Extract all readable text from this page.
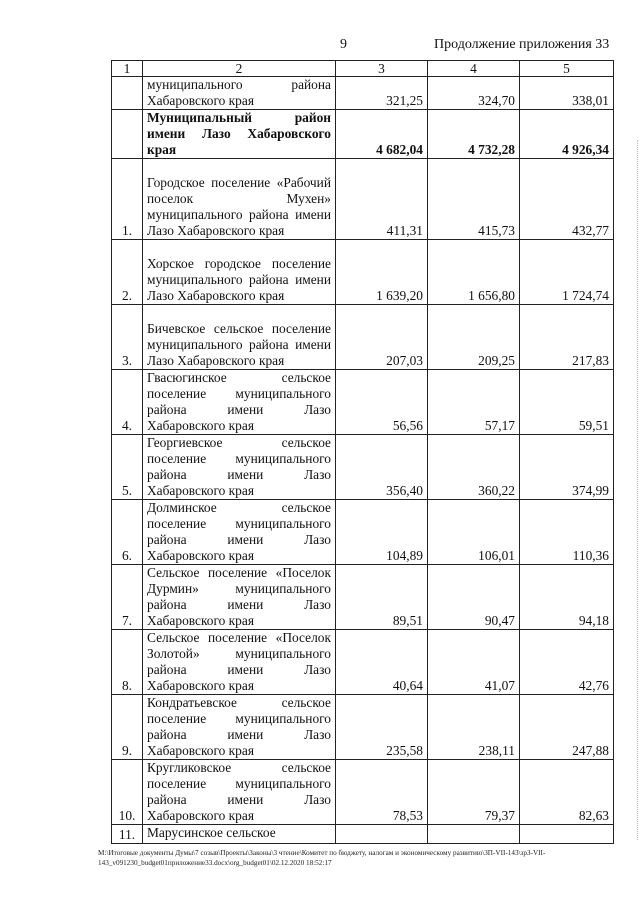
9	Продолжение приложения 33
1	2	3	4	5
	муниципального района Хабаровского края	321,25	324,70	338,01
	Муниципальный район имени Лазо Хабаровского края	4 682,04	4 732,28	4 926,34
1.	Городское поселение «Рабочий поселок Мухен» муниципального района имени Лазо Хабаровского края	411,31	415,73	432,77
2.	Хорское городское поселение муниципального района имени Лазо Хабаровского края	1 639,20	1 656,80	1 724,74
3.	Бичевское сельское поселение муниципального района имени Лазо Хабаровского края	207,03	209,25	217,83
4.	Гвасюгинское сельское поселение муниципального района имени Лазо Хабаровского края	56,56	57,17	59,51
5.	Георгиевское сельское поселение муниципального района имени Лазо Хабаровского края	356,40	360,22	374,99
6.	Долминское сельское поселение муниципального района имени Лазо Хабаровского края	104,89	106,01	110,36
7.	Сельское поселение «Поселок Дурмин» муниципального района имени Лазо Хабаровского края	89,51	90,47	94,18
8.	Сельское поселение «Поселок Золотой» муниципального района имени Лазо Хабаровского края	40,64	41,07	42,76
9.	Кондратьевское сельское поселение муниципального района имени Лазо Хабаровского края	235,58	238,11	247,88
10.	Кругликовское сельское поселение муниципального района имени Лазо Хабаровского края	78,53	79,37	82,63
11.	Марусинское сельское			
M:\Итоговые документы Думы\7 созыв\Проекты\Законы\3 чтение\Комитет по бюджету, налогам и экономическому развитию\3П-VII-143\зрЗ-VII-143_v091230_budget01приложение33.docx\org_budget01\02.12.2020 18:52:17
